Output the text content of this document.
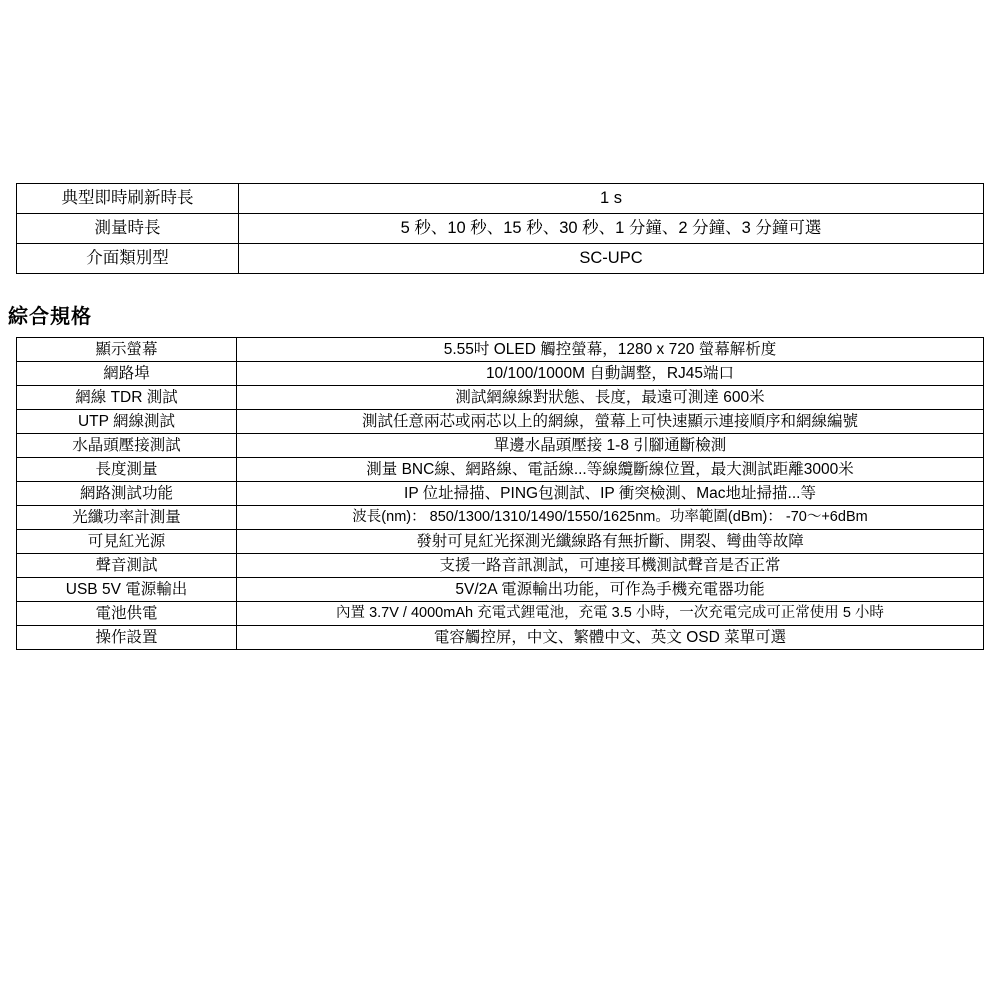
典型即時刷新時長	1 s
測量時長	5 秒、10 秒、15 秒、30 秒、1 分鐘、2 分鐘、3 分鐘可選
介面類別型	SC-UPC
綜合規格
顯示螢幕	5.55吋 OLED 觸控螢幕，1280 x 720 螢幕解析度
網路埠	10/100/1000M 自動調整，RJ45端口
網線 TDR 測試	測試網線線對狀態、長度，最遠可測達 600米
UTP 網線測試	測試任意兩芯或兩芯以上的網線，螢幕上可快速顯示連接順序和網線編號
水晶頭壓接測試	單邊水晶頭壓接 1-8 引腳通斷檢測
長度測量	測量 BNC線、網路線、電話線...等線纜斷線位置，最大測試距離3000米
網路測試功能	IP 位址掃描、PING包測試、IP 衝突檢測、Mac地址掃描...等
光纖功率計測量	波長(nm)： 850/1300/1310/1490/1550/1625nm。功率範圍(dBm)： -70～+6dBm
可見紅光源	發射可見紅光探測光纖線路有無折斷、開裂、彎曲等故障
聲音測試	支援一路音訊測試，可連接耳機測試聲音是否正常
USB 5V 電源輸出	5V/2A 電源輸出功能，可作為手機充電器功能
電池供電	內置 3.7V / 4000mAh 充電式鋰電池，充電 3.5 小時，一次充電完成可正常使用 5 小時
操作設置	電容觸控屏，中文、繁體中文、英文 OSD 菜單可選
